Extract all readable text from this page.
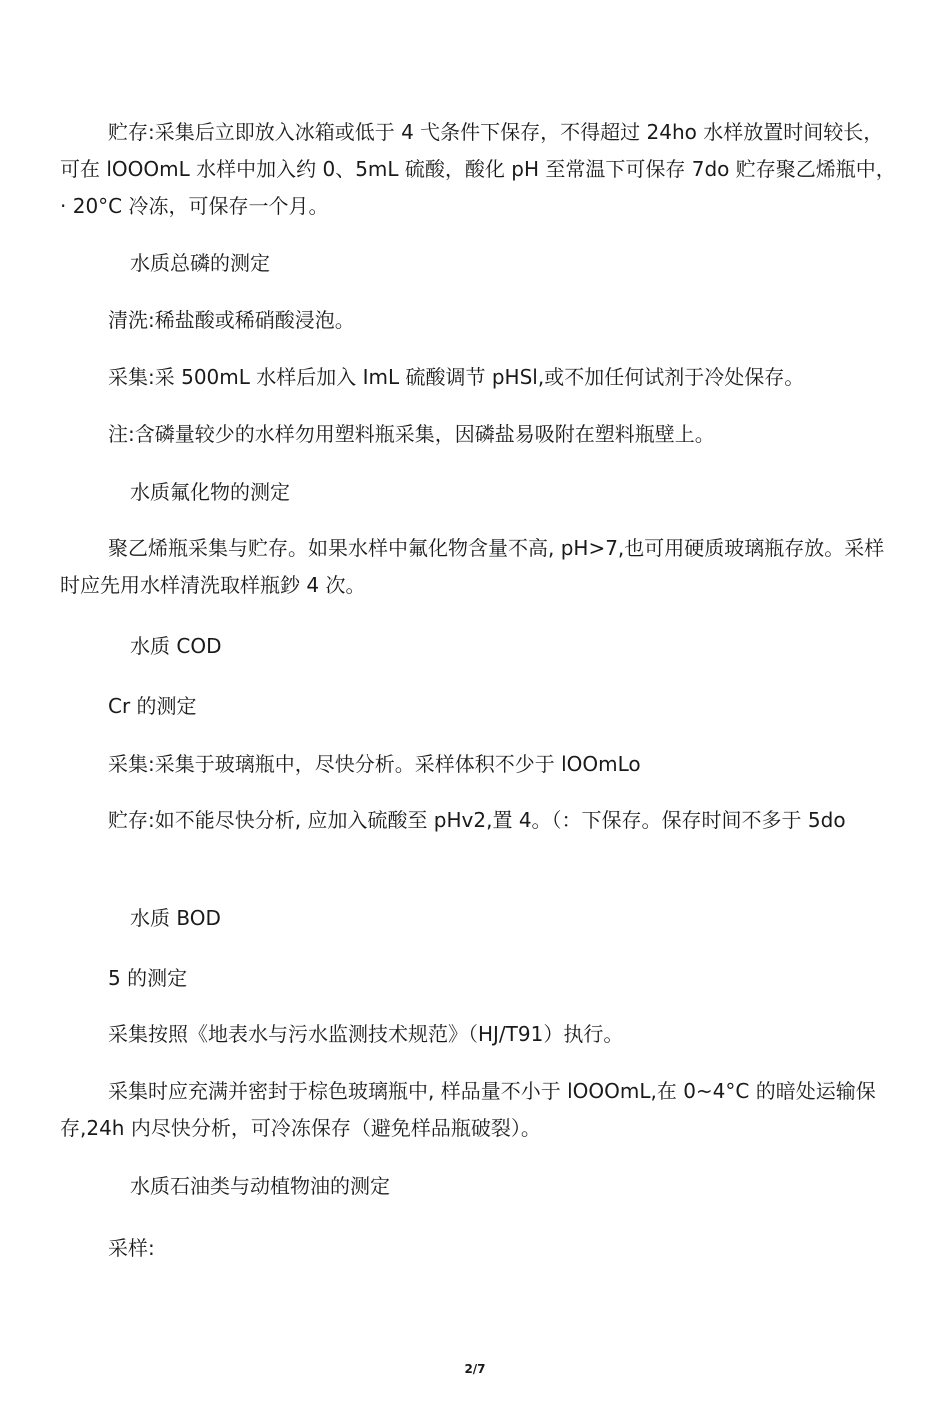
贮存:采集后立即放入冰箱或低于 4 弋条件下保存，不得超过 24ho 水样放置时间较长，可在 lOOOmL 水样中加入约 0、5mL 硫酸，酸化 pH 至常温下可保存 7do 贮存聚乙烯瓶中，· 20°C 冷冻，可保存一个月。

水质总磷的测定

清洗:稀盐酸或稀硝酸浸泡。

采集:采 500mL 水样后加入 ImL 硫酸调节 pHSl,或不加任何试剂于冷处保存。

注:含磷量较少的水样勿用塑料瓶采集，因磷盐易吸附在塑料瓶壁上。

水质氟化物的测定

聚乙烯瓶采集与贮存。如果水样中氟化物含量不高, pH>7,也可用硬质玻璃瓶存放。采样时应先用水样清洗取样瓶鈔 4 次。

水质 COD

Cr 的测定

采集:采集于玻璃瓶中，尽快分析。采样体积不少于 lOOmLo

贮存:如不能尽快分析, 应加入硫酸至 pHv2,置 4。（：下保存。保存时间不多于 5do

水质 BOD

5 的测定

采集按照《地表水与污水监测技术规范》（HJ/T91）执行。

采集时应充满并密封于棕色玻璃瓶中, 样品量不小于 lOOOmL,在 0~4°C 的暗处运输保存,24h 内尽快分析，可冷冻保存（避免样品瓶破裂）。

水质石油类与动植物油的测定

采样:

2/7
